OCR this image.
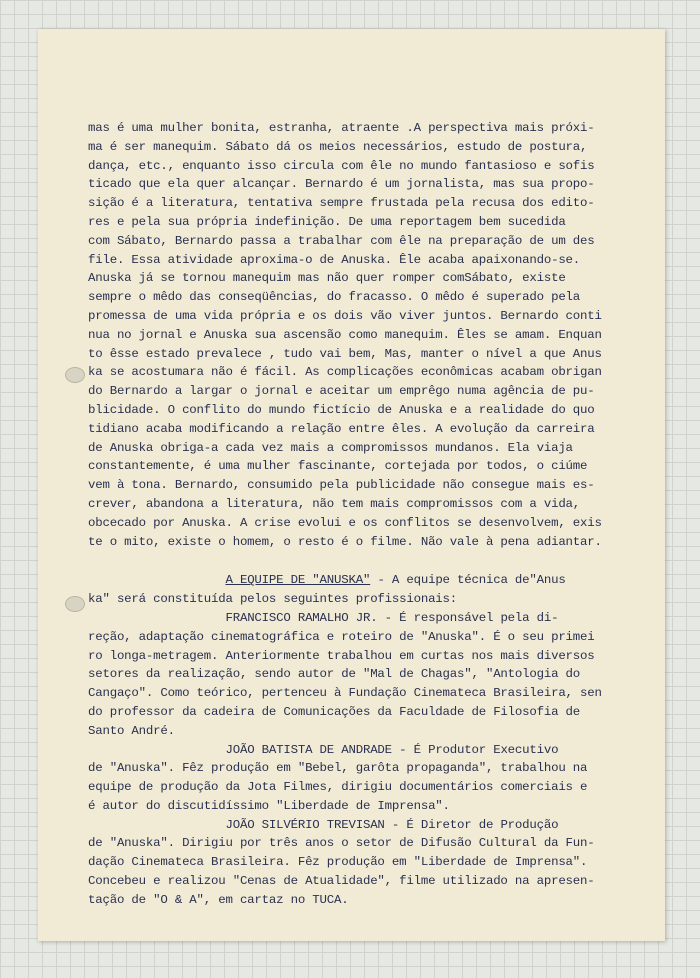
mas é uma mulher bonita, estranha, atraente .A perspectiva mais próxi-
ma é ser manequim. Sábato dá os meios necessários, estudo de postura,
dança, etc., enquanto isso circula com êle no mundo fantasioso e sofis
ticado que ela quer alcançar. Bernardo é um jornalista, mas sua propo-
sição é a literatura, tentativa sempre frustada pela recusa dos edito-
res e pela sua própria indefinição. De uma reportagem bem sucedida
com Sábato, Bernardo passa a trabalhar com êle na preparação de um des
file. Essa atividade aproxima-o de Anuska. Êle acaba apaixonando-se.
Anuska já se tornou manequim mas não quer romper comSábato, existe
sempre o mêdo das conseqüências, do fracasso. O mêdo é superado pela
promessa de uma vida própria e os dois vão viver juntos. Bernardo conti
nua no jornal e Anuska sua ascensão como manequim. Êles se amam. Enquan
to êsse estado prevalece , tudo vai bem, Mas, manter o nível a que Anus
ka se acostumara não é fácil. As complicações econômicas acabam obrigan
do Bernardo a largar o jornal e aceitar um emprêgo numa agência de pu-
blicidade. O conflito do mundo fictício de Anuska e a realidade do quo
tidiano acaba modificando a relação entre êles. A evolução da carreira
de Anuska obriga-a cada vez mais a compromissos mundanos. Ela viaja
constantemente, é uma mulher fascinante, cortejada por todos, o ciúme
vem à tona. Bernardo, consumido pela publicidade não consegue mais es-
crever, abandona a literatura, não tem mais compromissos com a vida,
obcecado por Anuska. A crise evolui e os conflitos se desenvolvem, exis
te o mito, existe o homem, o resto é o filme. Não vale à pena adiantar.
A EQUIPE DE "ANUSKA" - A equipe técnica de"Anus
ka" será constituída pelos seguintes profissionais:
FRANCISCO RAMALHO JR. - É responsável pela di-
reção, adaptação cinematográfica e roteiro de "Anuska". É o seu primei
ro longa-metragem. Anteriormente trabalhou em curtas nos mais diversos
setores da realização, sendo autor de "Mal de Chagas", "Antologia do
Cangaço". Como teórico, pertenceu à Fundação Cinemateca Brasileira, sen
do professor da cadeira de Comunicações da Faculdade de Filosofia de
Santo André.
JOÃO BATISTA DE ANDRADE - É Produtor Executivo
de "Anuska". Fêz produção em "Bebel, garôta propaganda", trabalhou na
equipe de produção da Jota Filmes, dirigiu documentários comerciais e
é autor do discutidíssimo "Liberdade de Imprensa".
JOÃO SILVÉRIO TREVISAN - É Diretor de Produção
de "Anuska". Dirigiu por três anos o setor de Difusão Cultural da Fun-
dação Cinemateca Brasileira. Fêz produção em "Liberdade de Imprensa".
Concebeu e realizou "Cenas de Atualidade", filme utilizado na apresen-
tação de "O & A", em cartaz no TUCA.
